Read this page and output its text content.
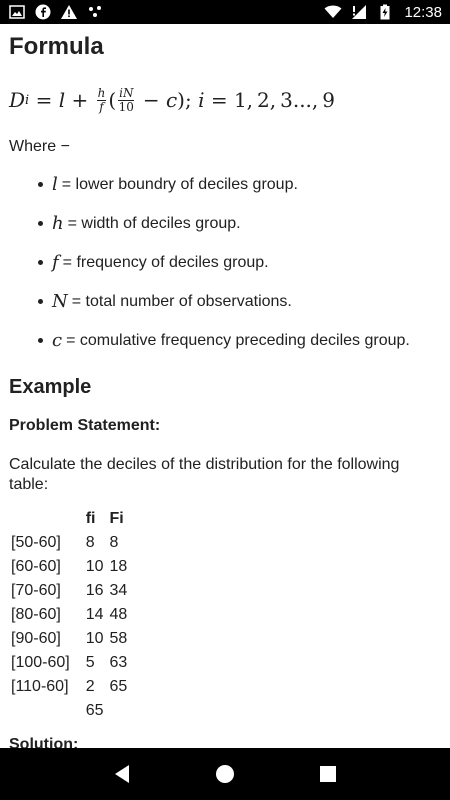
12:38
Formula
D $i = l + \frac{h}{f}$ ( $\frac{iN}{10} - c$ ); i = 1, 2, 3..., 9
Where −
l = lower boundry of deciles group.
h = width of deciles group.
f = frequency of deciles group.
N = total number of observations.
c = comulative frequency preceding deciles group.
Example
Problem Statement:
Calculate the deciles of the distribution for the following table:
	fi	Fi
[50-60]	8	8
[60-60]	10	18
[70-60]	16	34
[80-60]	14	48
[90-60]	10	58
[100-60]	5	63
[110-60]	2	65
	65	
Solution:
